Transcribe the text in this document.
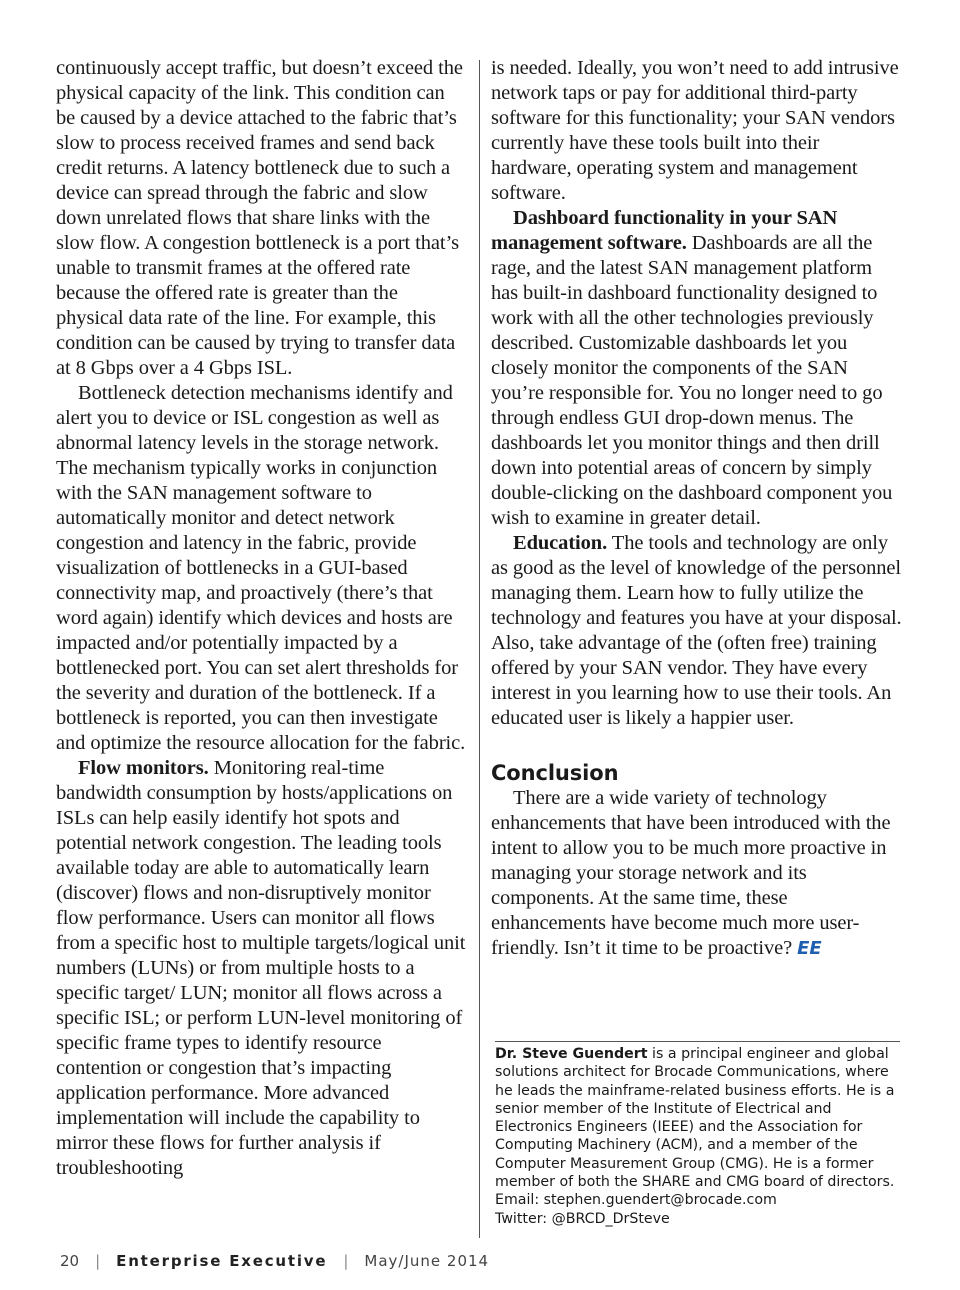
continuously accept traffic, but doesn’t exceed the physical capacity of the link. This condition can be caused by a device attached to the fabric that’s slow to process received frames and send back credit returns. A latency bottleneck due to such a device can spread through the fabric and slow down unrelated flows that share links with the slow flow. A congestion bottleneck is a port that’s unable to transmit frames at the offered rate because the offered rate is greater than the physical data rate of the line. For example, this condition can be caused by trying to transfer data at 8 Gbps over a 4 Gbps ISL.

Bottleneck detection mechanisms identify and alert you to device or ISL congestion as well as abnormal latency levels in the storage network. The mechanism typically works in conjunction with the SAN management software to automatically monitor and detect network congestion and latency in the fabric, provide visualization of bottlenecks in a GUI-based connectivity map, and proactively (there’s that word again) identify which devices and hosts are impacted and/or potentially impacted by a bottlenecked port. You can set alert thresholds for the severity and duration of the bottleneck. If a bottleneck is reported, you can then investigate and optimize the resource allocation for the fabric.

Flow monitors. Monitoring real-time bandwidth consumption by hosts/applications on ISLs can help easily identify hot spots and potential network congestion. The leading tools available today are able to automatically learn (discover) flows and non-disruptively monitor flow performance. Users can monitor all flows from a specific host to multiple targets/logical unit numbers (LUNs) or from multiple hosts to a specific target/ LUN; monitor all flows across a specific ISL; or perform LUN-level monitoring of specific frame types to identify resource contention or congestion that’s impacting application performance. More advanced implementation will include the capability to mirror these flows for further analysis if troubleshooting

is needed. Ideally, you won’t need to add intrusive network taps or pay for additional third-party software for this functionality; your SAN vendors currently have these tools built into their hardware, operating system and management software.

Dashboard functionality in your SAN management software. Dashboards are all the rage, and the latest SAN management platform has built-in dashboard functionality designed to work with all the other technologies previously described. Customizable dashboards let you closely monitor the components of the SAN you’re responsible for. You no longer need to go through endless GUI drop-down menus. The dashboards let you monitor things and then drill down into potential areas of concern by simply double-clicking on the dashboard component you wish to examine in greater detail.

Education. The tools and technology are only as good as the level of knowledge of the personnel managing them. Learn how to fully utilize the technology and features you have at your disposal. Also, take advantage of the (often free) training offered by your SAN vendor. They have every interest in you learning how to use their tools. An educated user is likely a happier user.

Conclusion

There are a wide variety of technology enhancements that have been introduced with the intent to allow you to be much more proactive in managing your storage network and its components. At the same time, these enhancements have become much more user-friendly. Isn’t it time to be proactive? EE

Dr. Steve Guendert is a principal engineer and global solutions architect for Brocade Communications, where he leads the mainframe-related business efforts. He is a senior member of the Institute of Electrical and Electronics Engineers (IEEE) and the Association for Computing Machinery (ACM), and a member of the Computer Measurement Group (CMG). He is a former member of both the SHARE and CMG board of directors.

Email: stephen.guendert@brocade.com

Twitter: @BRCD_DrSteve

20 | Enterprise Executive | May/June 2014
